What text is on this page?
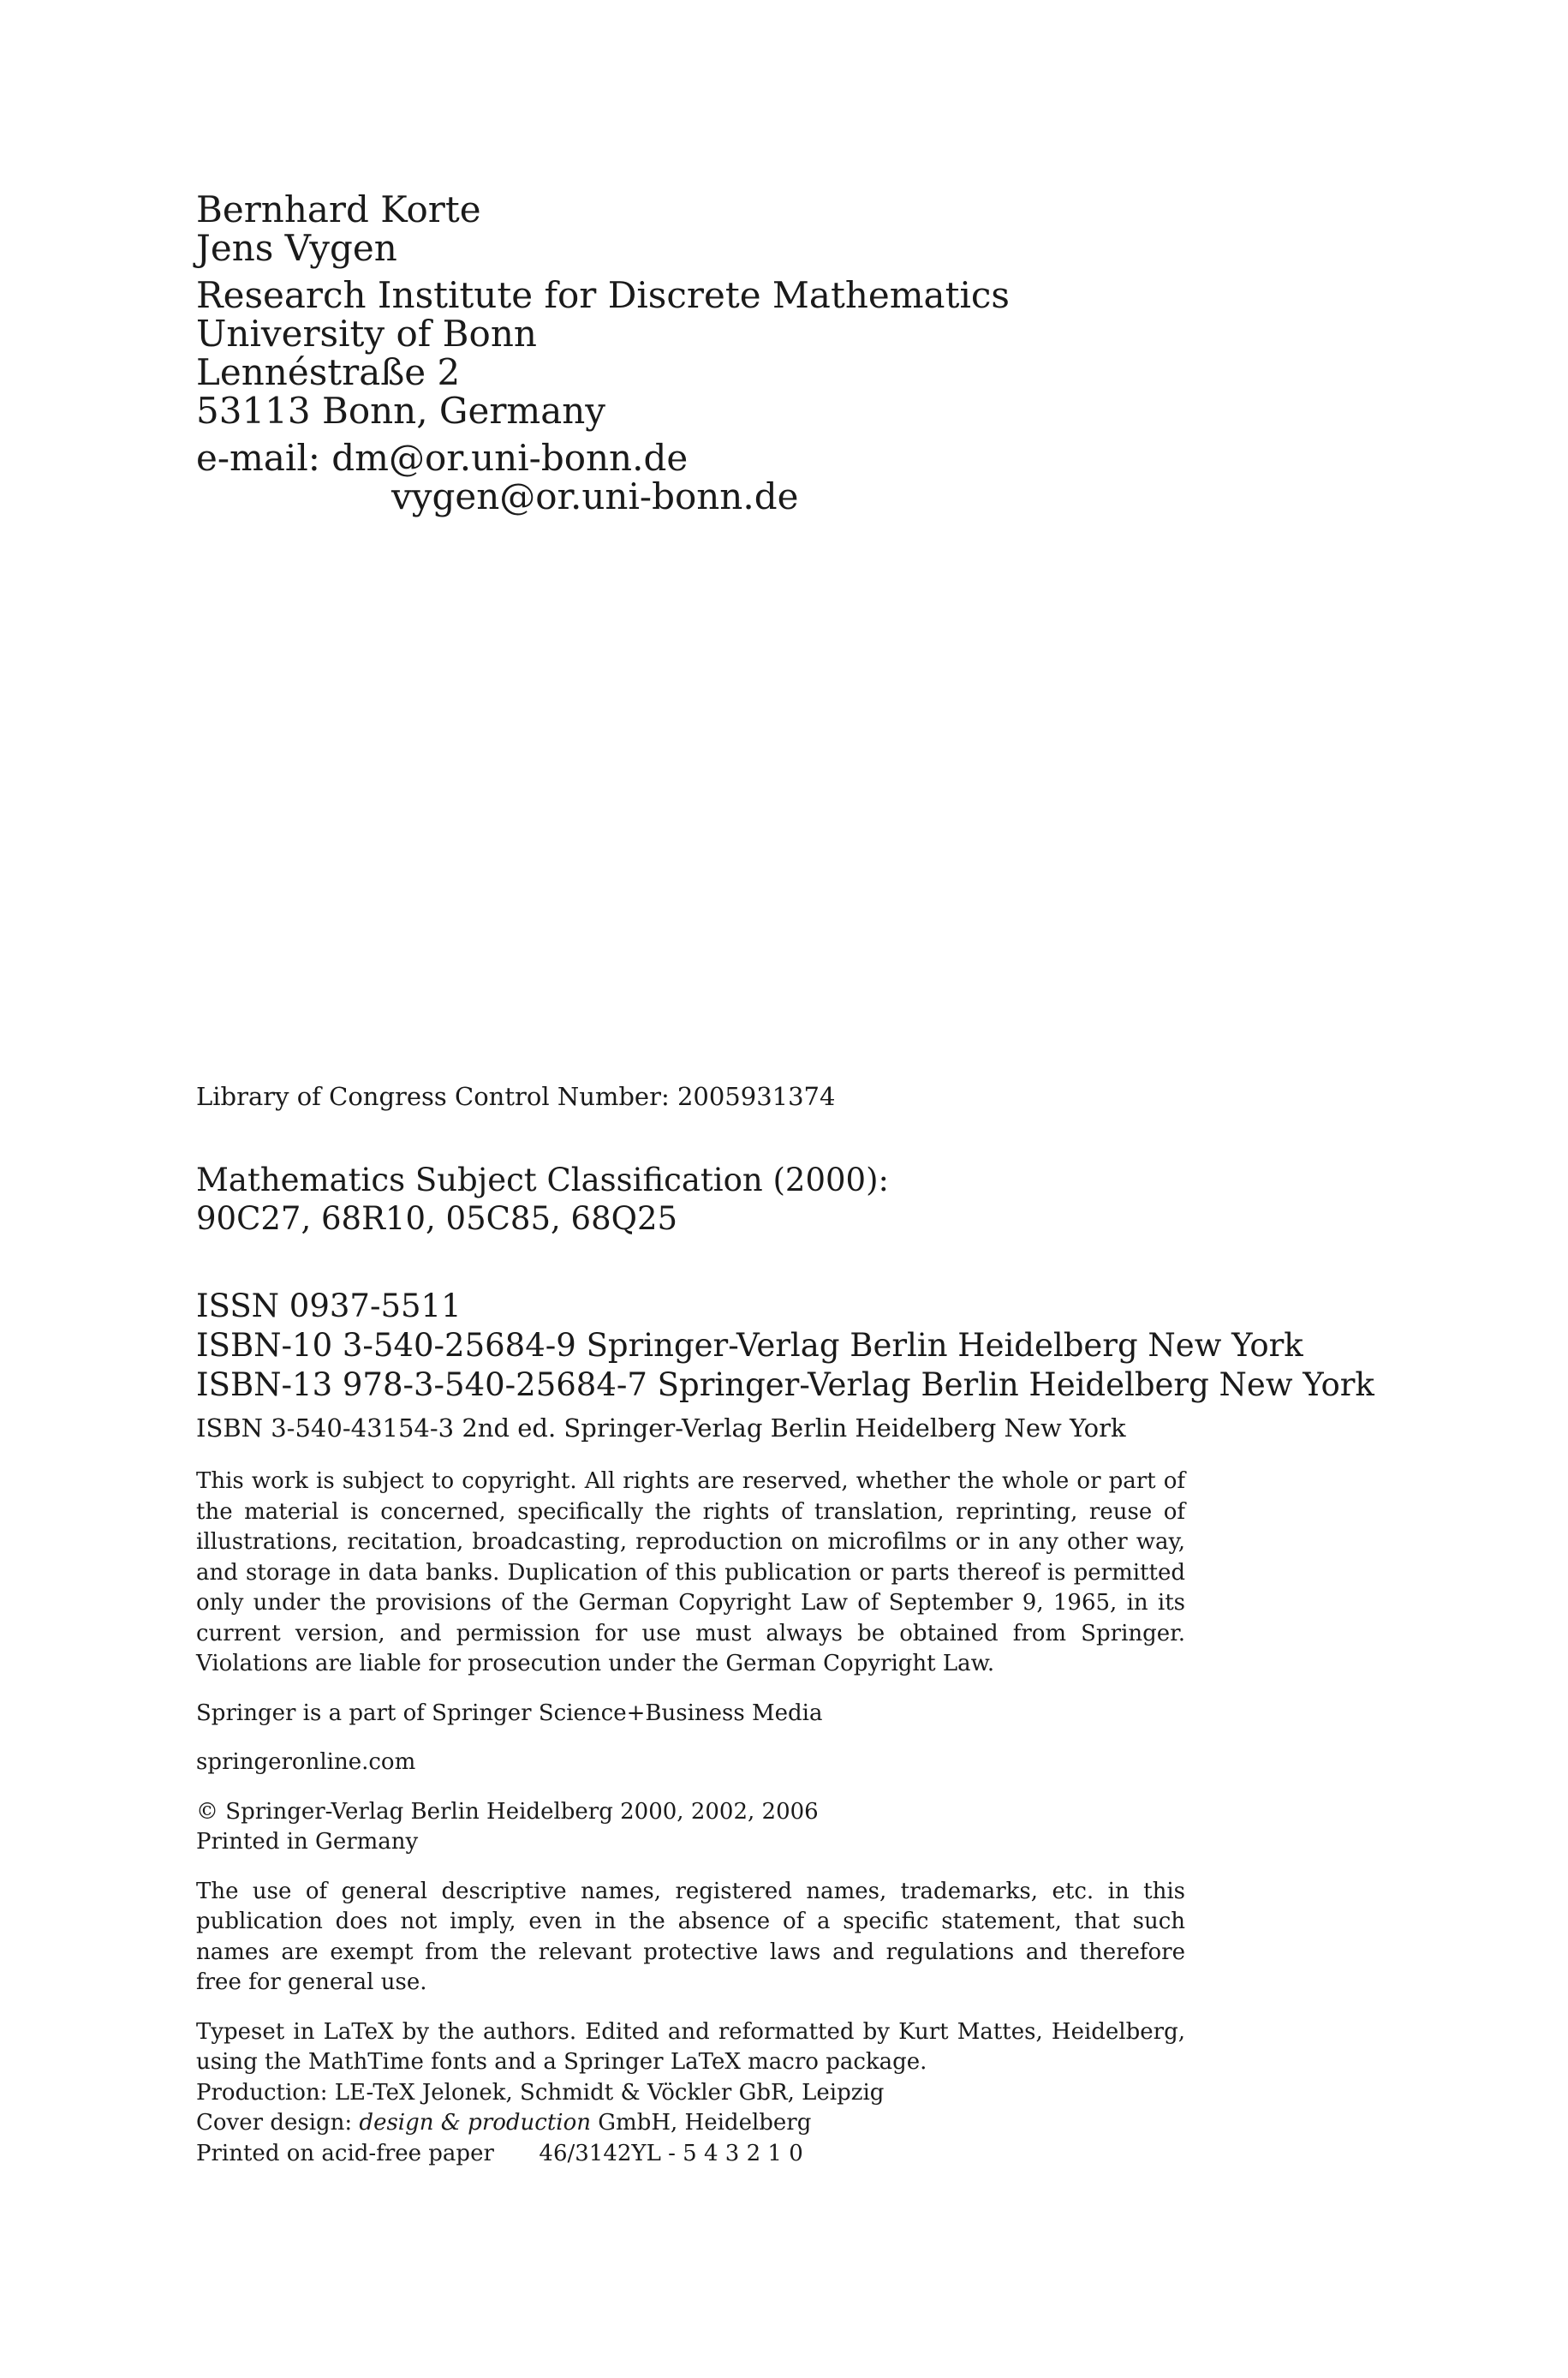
Bernhard Korte
Jens Vygen
Research Institute for Discrete Mathematics
University of Bonn
Lennéstraße 2
53113 Bonn, Germany
e-mail: dm@or.uni-bonn.de
vygen@or.uni-bonn.de
Library of Congress Control Number: 2005931374
Mathematics Subject Classification (2000):
90C27, 68R10, 05C85, 68Q25
ISSN 0937-5511
ISBN-10 3-540-25684-9 Springer-Verlag Berlin Heidelberg New York
ISBN-13 978-3-540-25684-7 Springer-Verlag Berlin Heidelberg New York
ISBN 3-540-43154-3 2nd ed. Springer-Verlag Berlin Heidelberg New York
This work is subject to copyright. All rights are reserved, whether the whole or part of the material is concerned, specifically the rights of translation, reprinting, reuse of illustrations, recitation, broadcasting, reproduction on microfilms or in any other way, and storage in data banks. Duplication of this publication or parts thereof is permitted only under the provisions of the German Copyright Law of September 9, 1965, in its current version, and permission for use must always be obtained from Springer. Violations are liable for prosecution under the German Copyright Law.
Springer is a part of Springer Science+Business Media
springeronline.com
© Springer-Verlag Berlin Heidelberg 2000, 2002, 2006
Printed in Germany
The use of general descriptive names, registered names, trademarks, etc. in this publication does not imply, even in the absence of a specific statement, that such names are exempt from the relevant protective laws and regulations and therefore free for general use.
Typeset in LaTeX by the authors. Edited and reformatted by Kurt Mattes, Heidelberg, using the MathTime fonts and a Springer LaTeX macro package.
Production: LE-TeX Jelonek, Schmidt & Vöckler GbR, Leipzig
Cover design: design & production GmbH, Heidelberg
Printed on acid-free paper 46/3142YL - 5 4 3 2 1 0
